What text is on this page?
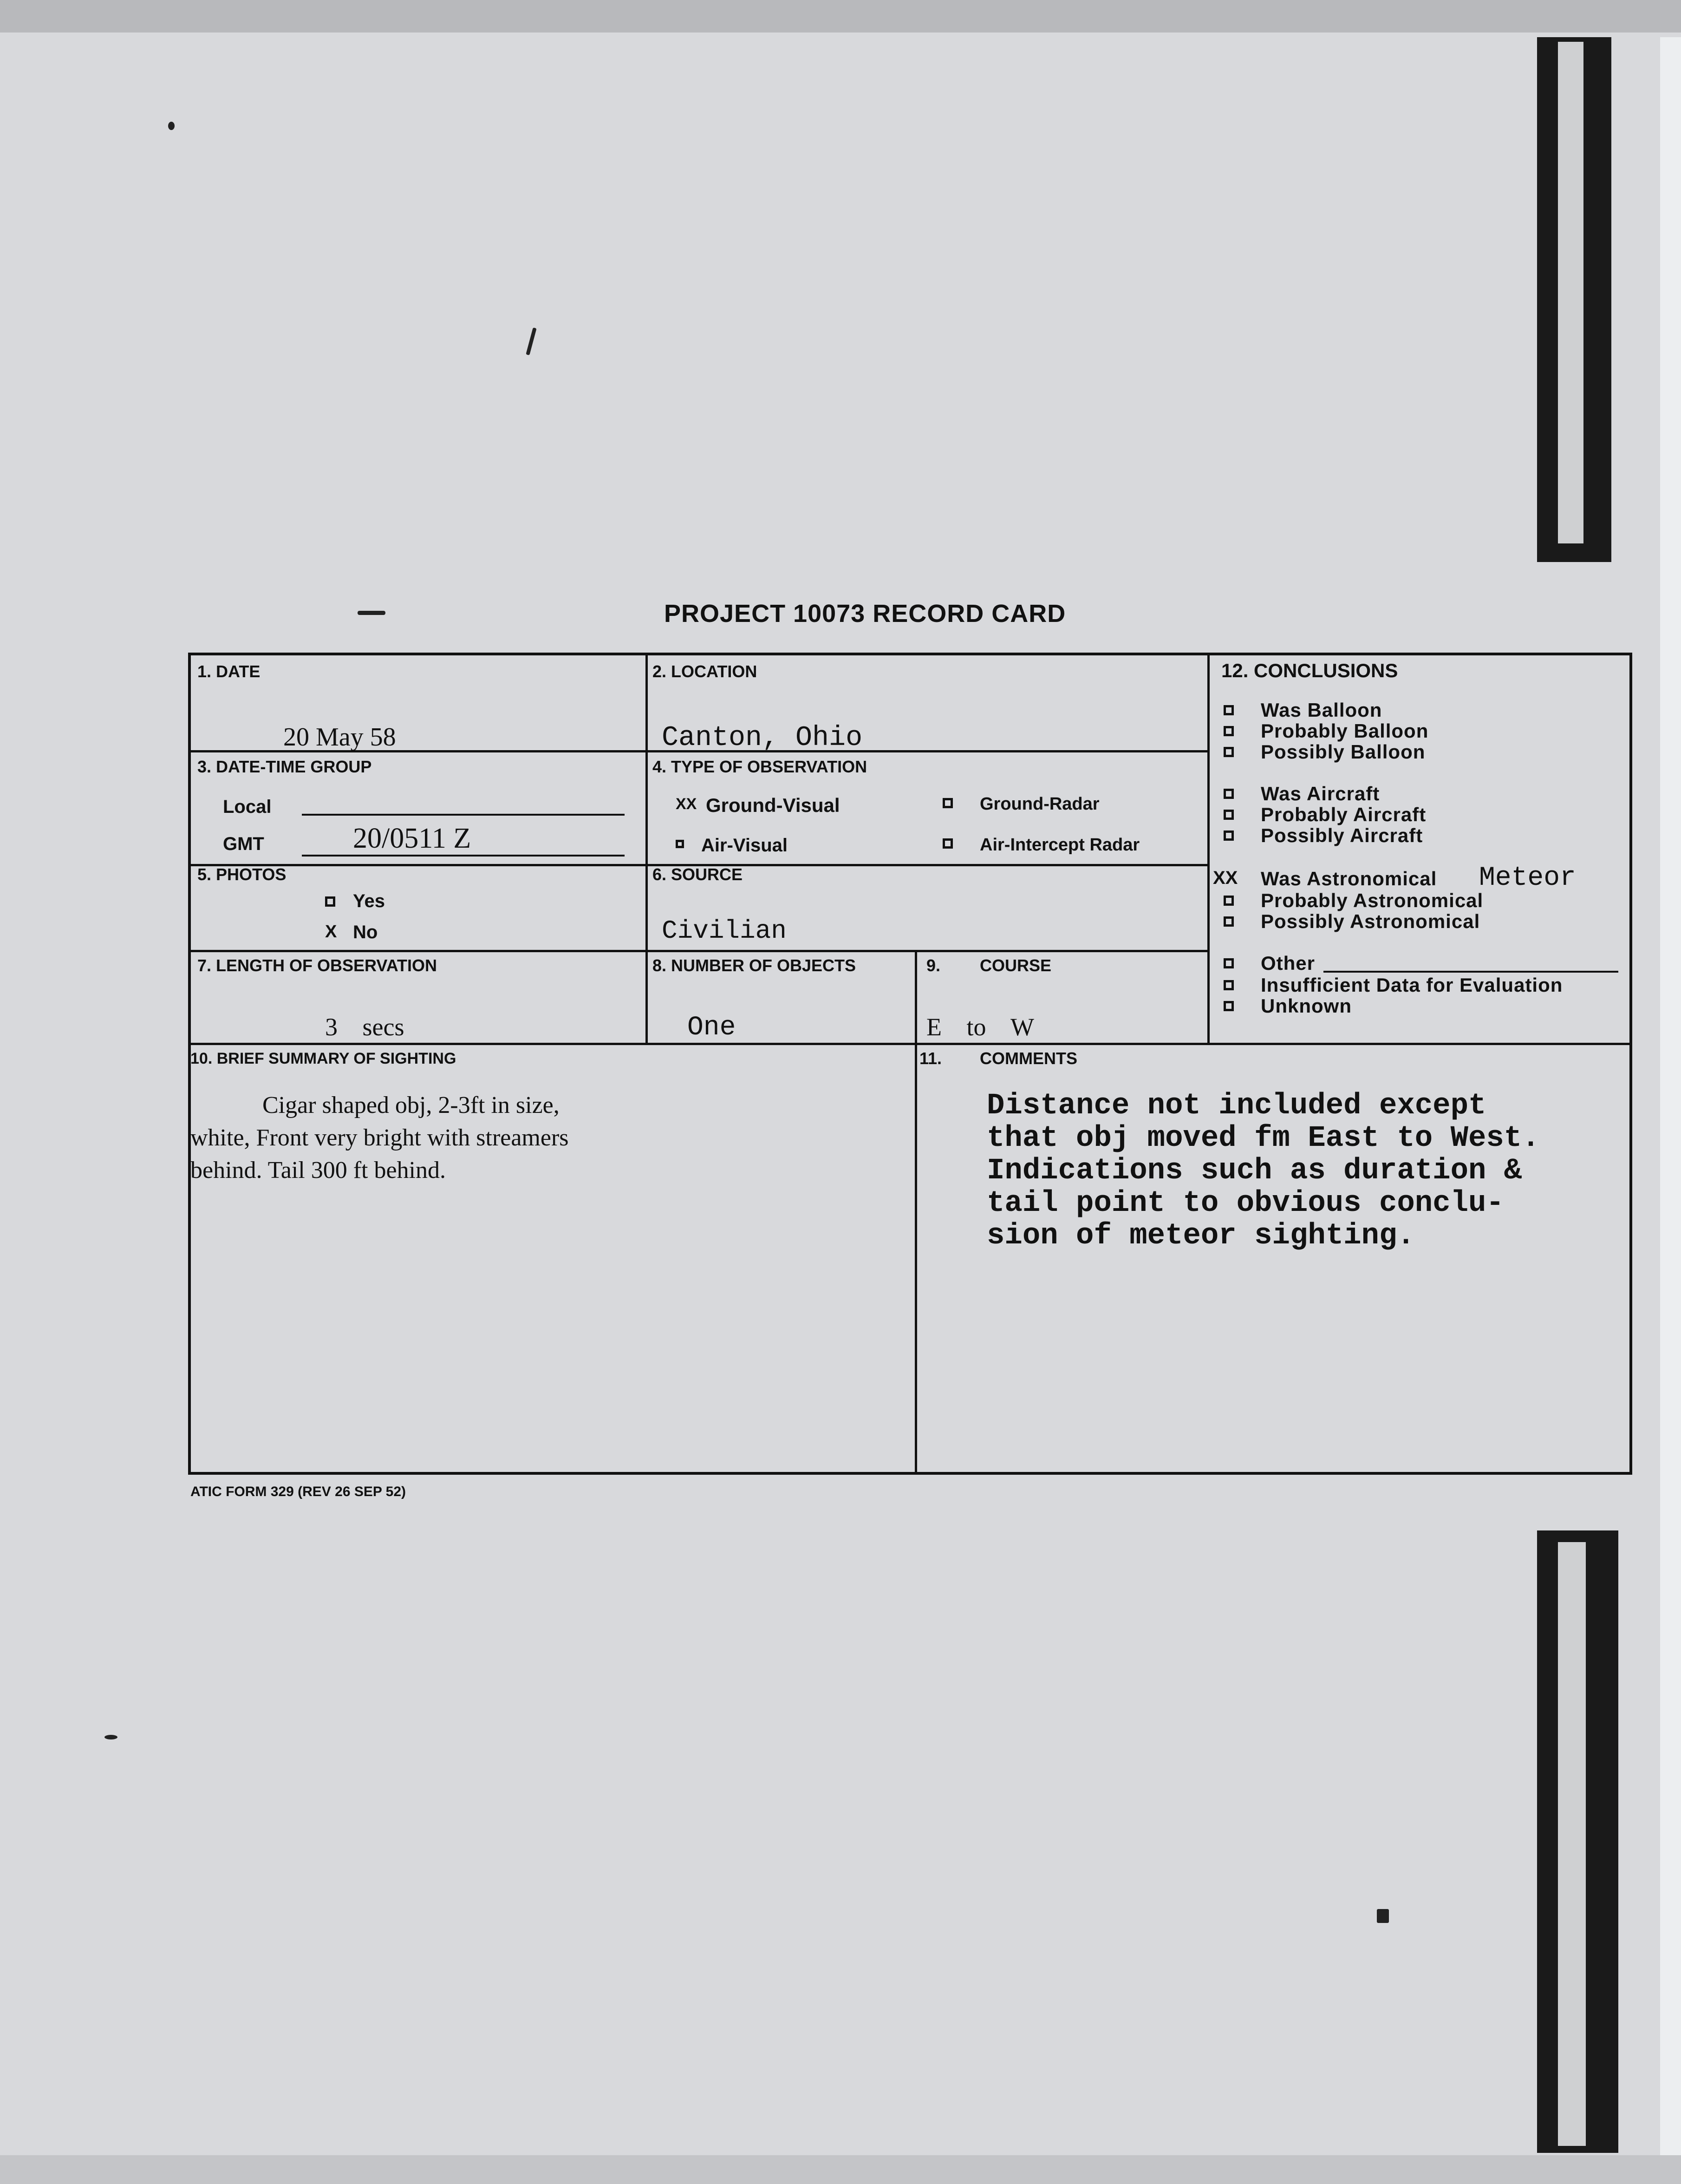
PROJECT 10073 RECORD CARD
1. DATE
20 May 58
2. LOCATION
Canton, Ohio
3. DATE-TIME GROUP
Local
GMT	20/0511 Z
4. TYPE OF OBSERVATION
XX Ground-Visual	Ground-Radar
Air-Visual	Air-Intercept Radar
5. PHOTOS
Yes
X No
6. SOURCE
Civilian
7. LENGTH OF OBSERVATION
3 secs
8. NUMBER OF OBJECTS
One
9. COURSE
E to W
10. BRIEF SUMMARY OF SIGHTING
Cigar shaped obj, 2-3ft in size,
white, Front very bright with streamers
behind. Tail 300 ft behind.
11. COMMENTS
Distance not included except
that obj moved fm East to West.
Indications such as duration &
tail point to obvious conclu-
sion of meteor sighting.
12. CONCLUSIONS
Was Balloon
Probably Balloon
Possibly Balloon
Was Aircraft
Probably Aircraft
Possibly Aircraft
XX Was Astronomical Meteor
Probably Astronomical
Possibly Astronomical
Other
Insufficient Data for Evaluation
Unknown
ATIC FORM 329 (REV 26 SEP 52)
